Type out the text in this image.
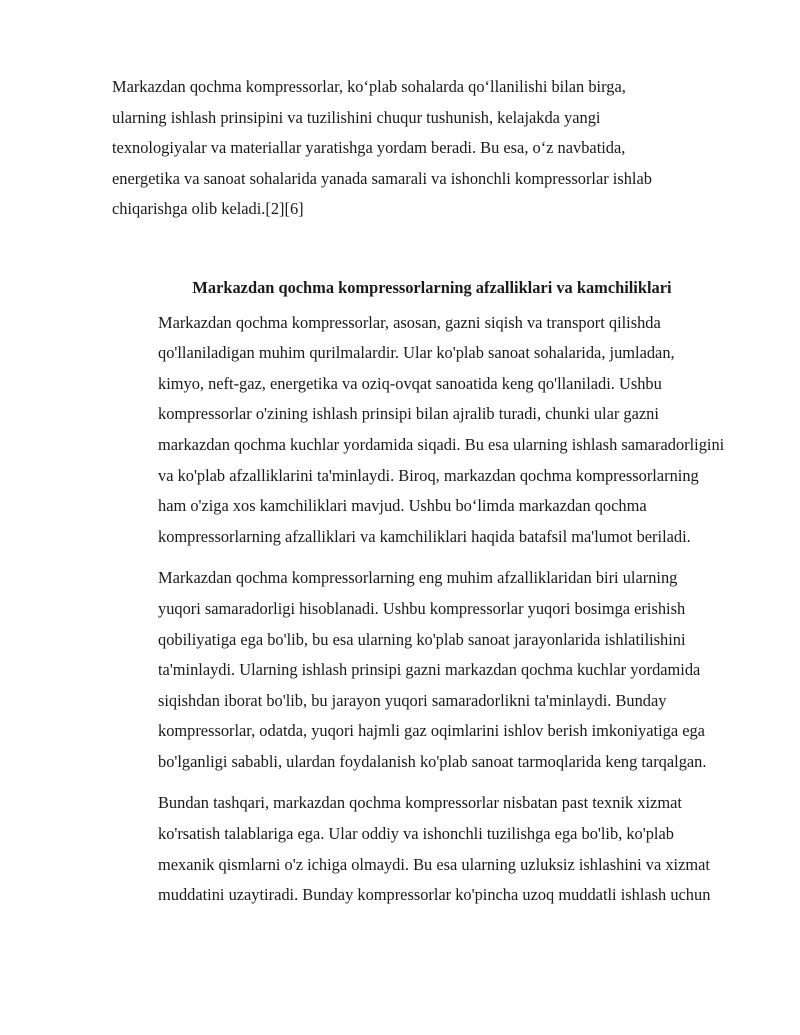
Markazdan qochma kompressorlar, ko‘plab sohalarda qo‘llanilishi bilan birga,
ularning ishlash prinsipini va tuzilishini chuqur tushunish, kelajakda yangi
texnologiyalar va materiallar yaratishga yordam beradi. Bu esa, o‘z navbatida,
energetika va sanoat sohalarida yanada samarali va ishonchli kompressorlar ishlab
chiqarishga olib keladi.[2][6]

Markazdan qochma kompressorlarning afzalliklari va kamchiliklari

Markazdan qochma kompressorlar, asosan, gazni siqish va transport qilishda
qo'llaniladigan muhim qurilmalardir. Ular ko'plab sanoat sohalarida, jumladan,
kimyo, neft-gaz, energetika va oziq-ovqat sanoatida keng qo'llaniladi. Ushbu
kompressorlar o'zining ishlash prinsipi bilan ajralib turadi, chunki ular gazni
markazdan qochma kuchlar yordamida siqadi. Bu esa ularning ishlash samaradorligini
va ko'plab afzalliklarini ta'minlaydi. Biroq, markazdan qochma kompressorlarning
ham o'ziga xos kamchiliklari mavjud. Ushbu bo‘limda markazdan qochma
kompressorlarning afzalliklari va kamchiliklari haqida batafsil ma'lumot beriladi.

Markazdan qochma kompressorlarning eng muhim afzalliklaridan biri ularning
yuqori samaradorligi hisoblanadi. Ushbu kompressorlar yuqori bosimga erishish
qobiliyatiga ega bo'lib, bu esa ularning ko'plab sanoat jarayonlarida ishlatilishini
ta'minlaydi. Ularning ishlash prinsipi gazni markazdan qochma kuchlar yordamida
siqishdan iborat bo'lib, bu jarayon yuqori samaradorlikni ta'minlaydi. Bunday
kompressorlar, odatda, yuqori hajmli gaz oqimlarini ishlov berish imkoniyatiga ega
bo'lganligi sababli, ulardan foydalanish ko'plab sanoat tarmoqlarida keng tarqalgan.

Bundan tashqari, markazdan qochma kompressorlar nisbatan past texnik xizmat
ko'rsatish talablariga ega. Ular oddiy va ishonchli tuzilishga ega bo'lib, ko'plab
mexanik qismlarni o'z ichiga olmaydi. Bu esa ularning uzluksiz ishlashini va xizmat
muddatini uzaytiradi. Bunday kompressorlar ko'pincha uzoq muddatli ishlash uchun
